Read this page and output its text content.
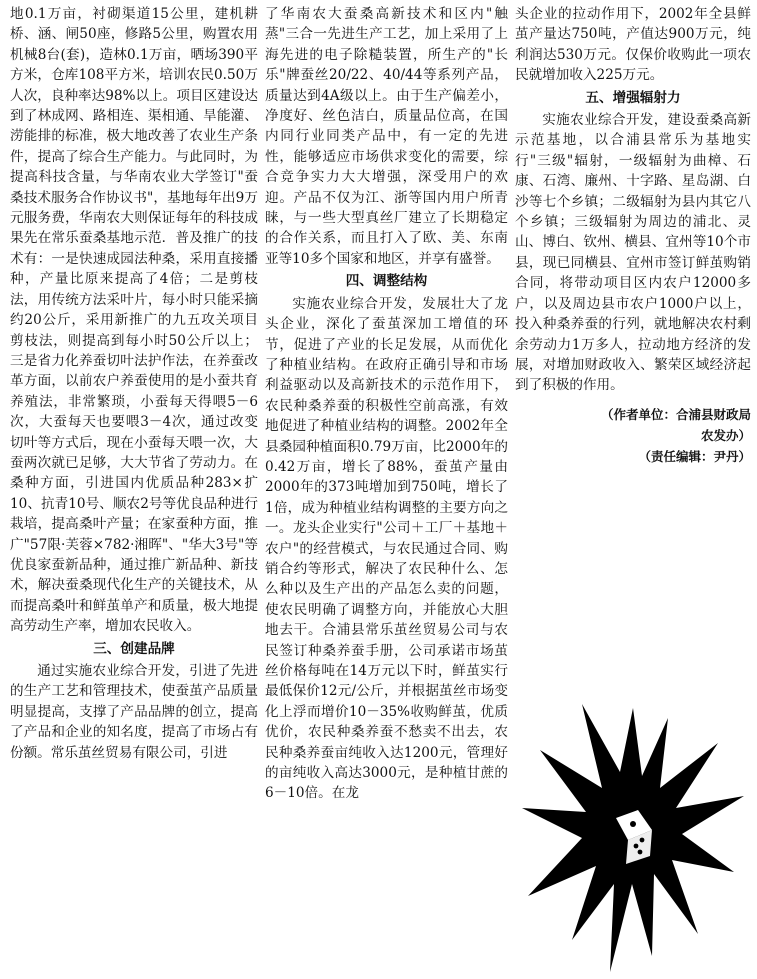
地0.1万亩，衬砌渠道15公里，建机耕桥、涵、闸50座，修路5公里，购置农用机械8台(套)，造林0.1万亩，晒场390平方米，仓库108平方米，培训农民0.50万人次，良种率达98%以上。项目区建设达到了林成网、路相连、渠相通、旱能灌、涝能排的标准，极大地改善了农业生产条件，提高了综合生产能力。与此同时，为提高科技含量，与华南农业大学签订"蚕桑技术服务合作协议书"，基地每年出9万元服务费，华南农大则保证每年的科技成果先在常乐蚕桑基地示范．普及推广的技术有：一是快速成园法种桑，采用直接播种，产量比原来提高了4倍；二是剪枝法，用传统方法采叶片，每小时只能采摘约20公斤，采用新推广的九五攻关项目剪枝法，则提高到每小时50公斤以上；三是省力化养蚕切叶法护作法，在养蚕改革方面，以前农户养蚕使用的是小蚕共育养殖法，非常繁琐，小蚕每天得喂5－6次，大蚕每天也要喂3－4次，通过改变切叶等方式后，现在小蚕每天喂一次，大蚕两次就已足够，大大节省了劳动力。在桑种方面，引进国内优质品种283×扩10、抗青10号、顺农2号等优良品种进行栽培，提高桑叶产量；在家蚕种方面，推广"57限·芙蓉×782·湘晖"、"华大3号"等优良家蚕新品种，通过推广新品种、新技术，解决蚕桑现代化生产的关键技术，从而提高桑叶和鲜茧单产和质量，极大地提高劳动生产率，增加农民收入。

三、创建品牌

通过实施农业综合开发，引进了先进的生产工艺和管理技术，使蚕茧产品质量明显提高，支撑了产品品牌的创立，提高了产品和企业的知名度，提高了市场占有份额。常乐茧丝贸易有限公司，引进

了华南农大蚕桑高新技术和区内"触蒸"三合一先进生产工艺，加上采用了上海先进的电子除糙装置，所生产的"长乐"牌蚕丝20/22、40/44等系列产品，质量达到4A级以上。由于生产偏差小，净度好、丝色洁白，质量品位高，在国内同行业同类产品中，有一定的先进性，能够适应市场供求变化的需要，综合竞争实力大大增强，深受用户的欢迎。产品不仅为江、浙等国内用户所青睐，与一些大型真丝厂建立了长期稳定的合作关系，而且打入了欧、美、东南亚等10多个国家和地区，并享有盛誉。

四、调整结构

实施农业综合开发，发展壮大了龙头企业，深化了蚕茧深加工增值的环节，促进了产业的长足发展，从而优化了种植业结构。在政府正确引导和市场利益驱动以及高新技术的示范作用下，农民种桑养蚕的积极性空前高涨，有效地促进了种植业结构的调整。2002年全县桑园种植面积0.79万亩，比2000年的0.42万亩，增长了88%，蚕茧产量由2000年的373吨增加到750吨，增长了1倍，成为种植业结构调整的主要方向之一。龙头企业实行"公司＋工厂＋基地＋农户"的经营模式，与农民通过合同、购销合约等形式，解决了农民种什么、怎么种以及生产出的产品怎么卖的问题，使农民明确了调整方向，并能放心大胆地去干。合浦县常乐茧丝贸易公司与农民签订种桑养蚕手册，公司承诺市场茧丝价格每吨在14万元以下时，鲜茧实行最低保价12元/公斤，并根据茧丝市场变化上浮而增价10－35%收购鲜茧，优质优价，农民种桑养蚕不愁卖不出去，农民种桑养蚕亩纯收入达1200元，管理好的亩纯收入高达3000元，是种植甘蔗的6－10倍。在龙

头企业的拉动作用下，2002年全县鲜茧产量达750吨，产值达900万元，纯利润达530万元。仅保价收购此一项农民就增加收入225万元。

五、增强辐射力

实施农业综合开发，建设蚕桑高新示范基地，以合浦县常乐为基地实行"三级"辐射，一级辐射为曲樟、石康、石湾、廉州、十字路、星岛湖、白沙等七个乡镇；二级辐射为县内其它八个乡镇；三级辐射为周边的浦北、灵山、博白、钦州、横县、宜州等10个市县，现已同横县、宜州市签订鲜茧购销合同，将带动项目区内农户12000多户，以及周边县市农户1000户以上，投入种桑养蚕的行列，就地解决农村剩余劳动力1万多人，拉动地方经济的发展，对增加财政收入、繁荣区域经济起到了积极的作用。

（作者单位：合浦县财政局

农发办）

（责任编辑：尹丹）
